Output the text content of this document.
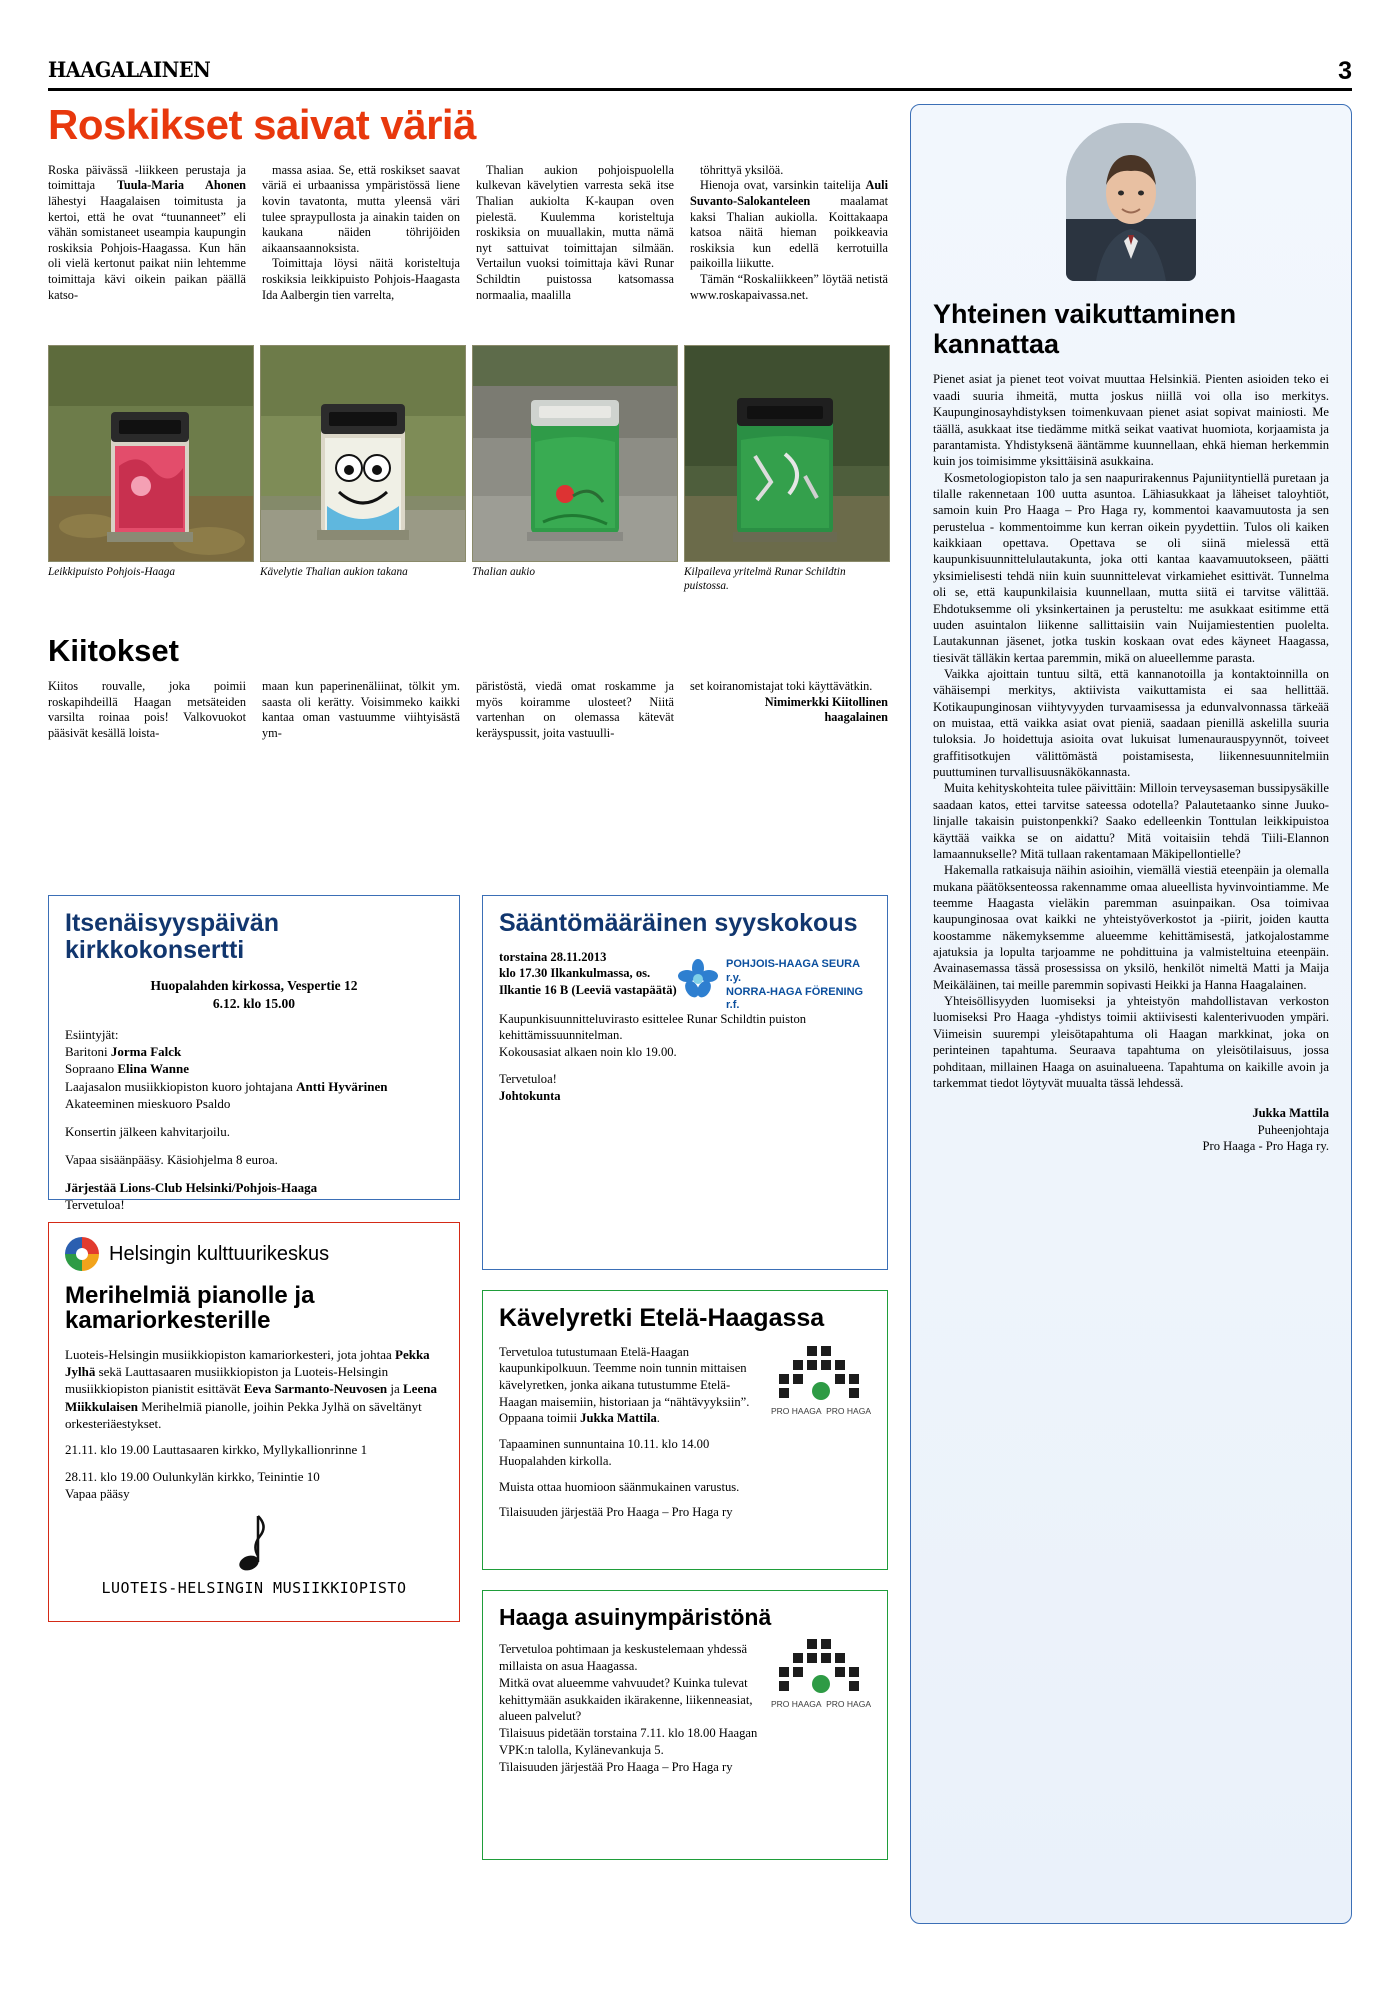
HAAGALAINEN	3
Roskikset saivat väriä

Roska päivässä -liikkeen perustaja ja toimittaja Tuula-Maria Ahonen lähestyi Haagalaisen toimitusta ja kertoi, että he ovat “tuunanneet” eli vähän somistaneet useampia kaupungin roskiksia Pohjois-Haagassa. Kun hän oli vielä kertonut paikat niin lehtemme toimittaja kävi oikein paikan päällä katso-

massa asiaa. Se, että roskikset saavat väriä ei urbaanissa ympäristössä liene kovin tavatonta, mutta yleensä väri tulee spraypullosta ja ainakin taiden on kaukana näiden töhrijöiden aikaansaannoksista.

Toimittaja löysi näitä koristeltuja roskiksia leikkipuisto Pohjois-Haagasta Ida Aalbergin tien varrelta,

Thalian aukion pohjoispuolella kulkevan kävelytien varresta sekä itse Thalian aukiolta K-kaupan oven pielestä. Kuulemma koristeltuja roskiksia on muuallakin, mutta nämä nyt sattuivat toimittajan silmään. Vertailun vuoksi toimittaja kävi Runar Schildtin puistossa katsomassa normaalia, maalilla

töhrittyä yksilöä.

Hienoja ovat, varsinkin taitelija Auli Suvanto-Salokanteleen maalamat kaksi Thalian aukiolla. Koittakaapa katsoa näitä hieman poikkeavia roskiksia kun edellä kerrotuilla paikoilla liikutte.

Tämän “Roskaliikkeen” löytää netistä www.roskapaivassa.net.

Leikkipuisto Pohjois-Haaga	Kävelytie Thalian aukion takana	Thalian aukio	Kilpaileva yritelmä Runar Schildtin puistossa.
Kiitokset

Kiitos rouvalle, joka poimii roskapihdeillä Haagan metsäteiden varsilta roinaa pois! Valkovuokot pääsivät kesällä loista-

maan kun paperinenäliinat, tölkit ym. saasta oli kerätty. Voisimmeko kaikki kantaa oman vastuumme viihtyisästä ym-

päristöstä, viedä omat roskamme ja myös koiramme ulosteet? Niitä vartenhan on olemassa kätevät keräyspussit, joita vastuulli-

set koiranomistajat toki käyttävätkin.

Nimimerkki Kiitollinen

haagalainen

Itsenäisyyspäivän kirkkokonsertti
Huopalahden kirkossa, Vespertie 12
6.12. klo 15.00
Esiintyjät:
Baritoni Jorma Falck
Sopraano Elina Wanne
Laajasalon musiikkiopiston kuoro johtajana Antti Hyvärinen
Akateeminen mieskuoro Psaldo
Konsertin jälkeen kahvitarjoilu.
Vapaa sisäänpääsy. Käsiohjelma 8 euroa.
Järjestää Lions-Club Helsinki/Pohjois-Haaga
Tervetuloa!
Helsingin kulttuurikeskus
Merihelmiä pianolle ja kamariorkesterille
Luoteis-Helsingin musiikkiopiston kamariorkesteri, jota johtaa Pekka Jylhä sekä Lauttasaaren musiikkiopiston ja Luoteis-Helsingin musiikkiopiston pianistit esittävät Eeva Sarmanto-Neuvosen ja Leena Miikkulaisen Merihelmiä pianolle, joihin Pekka Jylhä on säveltänyt orkesteriäestykset.
21.11. klo 19.00 Lauttasaaren kirkko, Myllykallionrinne 1
28.11. klo 19.00 Oulunkylän kirkko, Teinintie 10
Vapaa pääsy
LUOTEIS-HELSINGIN MUSIIKKIOPISTO
Sääntömääräinen syyskokous
torstaina 28.11.2013
klo 17.30 Ilkankulmassa, os. Ilkantie 16 B (Leeviä vastapäätä)
POHJOIS-HAAGA SEURA r.y.
NORRA-HAGA FÖRENING r.f.
Kaupunkisuunnitteluvirasto esittelee Runar Schildtin puiston kehittämissuunnitelman.
Kokousasiat alkaen noin klo 19.00.
Tervetuloa!
Johtokunta
Kävelyretki Etelä-Haagassa
Tervetuloa tutustumaan Etelä-Haagan kaupunkipolkuun. Teemme noin tunnin mittaisen kävelyretken, jonka aikana tutustumme Etelä-Haagan maisemiin, historiaan ja “nähtävyyksiin”. Oppaana toimii Jukka Mattila.
Tapaaminen sunnuntaina 10.11. klo 14.00 Huopalahden kirkolla.
Muista ottaa huomioon säänmukainen varustus.
Tilaisuuden järjestää Pro Haaga – Pro Haga ry
PRO HAAGA PRO HAGA
Haaga asuinympäristönä
Tervetuloa pohtimaan ja keskustelemaan yhdessä millaista on asua Haagassa.
Mitkä ovat alueemme vahvuudet? Kuinka tulevat kehittymään asukkaiden ikärakenne, liikenneasiat, alueen palvelut?
Tilaisuus pidetään torstaina 7.11. klo 18.00 Haagan VPK:n talolla, Kylänevankuja 5.
Tilaisuuden järjestää Pro Haaga – Pro Haga ry
PRO HAAGA PRO HAGA
Yhteinen vaikuttaminen kannattaa

Pienet asiat ja pienet teot voivat muuttaa Helsinkiä. Pienten asioiden teko ei vaadi suuria ihmeitä, mutta joskus niillä voi olla iso merkitys. Kaupunginosayhdistyksen toimenkuvaan pienet asiat sopivat mainiosti. Me täällä, asukkaat itse tiedämme mitkä seikat vaativat huomiota, korjaamista ja parantamista. Yhdistyksenä ääntämme kuunnellaan, ehkä hieman herkemmin kuin jos toimisimme yksittäisinä asukkaina.

Kosmetologiopiston talo ja sen naapurirakennus Pajuniityntiellä puretaan ja tilalle rakennetaan 100 uutta asuntoa. Lähiasukkaat ja läheiset taloyhtiöt, samoin kuin Pro Haaga – Pro Haga ry, kommentoi kaavamuutosta ja sen perustelua - kommentoimme kun kerran oikein pyydettiin. Tulos oli kaiken kaikkiaan opettava. Opettava se oli siinä mielessä että kaupunkisuunnittelulautakunta, joka otti kantaa kaavamuutokseen, päätti yksimielisesti tehdä niin kuin suunnittelevat virkamiehet esittivät. Tunnelma oli se, että kaupunkilaisia kuunnellaan, mutta siitä ei tarvitse välittää. Ehdotuksemme oli yksinkertainen ja perusteltu: me asukkaat esitimme että uuden asuintalon liikenne sallittaisiin vain Nuijamiestentien puolelta. Lautakunnan jäsenet, jotka tuskin koskaan ovat edes käyneet Haagassa, tiesivät tälläkin kertaa paremmin, mikä on alueellemme parasta.

Vaikka ajoittain tuntuu siltä, että kannanotoilla ja kontaktoinnilla on vähäisempi merkitys, aktiivista vaikuttamista ei saa hellittää. Kotikaupunginosan viihtyvyyden turvaamisessa ja edunvalvonnassa tärkeää on muistaa, että vaikka asiat ovat pieniä, saadaan pienillä askelilla suuria tuloksia. Jo hoidettuja asioita ovat lukuisat lumenaurauspyynnöt, toiveet graffitisotkujen välittömästä poistamisesta, liikennesuunnitelmiin puuttuminen turvallisuusnäkökannasta.

Muita kehityskohteita tulee päivittäin: Milloin terveysaseman bussipysäkille saadaan katos, ettei tarvitse sateessa odotella? Palautetaanko sinne Juuko-linjalle takaisin puistonpenkki? Saako edelleenkin Tonttulan leikkipuistoa käyttää vaikka se on aidattu? Mitä voitaisiin tehdä Tiili-Elannon lamaannukselle? Mitä tullaan rakentamaan Mäkipellontielle?

Hakemalla ratkaisuja näihin asioihin, viemällä viestiä eteenpäin ja olemalla mukana päätöksenteossa rakennamme omaa alueellista hyvinvointiamme. Me teemme Haagasta vieläkin paremman asuinpaikan. Osa toimivaa kaupunginosaa ovat kaikki ne yhteistyöverkostot ja -piirit, joiden kautta koostamme näkemyksemme alueemme kehittämisestä, jatkojalostamme ajatuksia ja lopulta tarjoamme ne pohdittuina ja valmisteltuina eteenpäin. Avainasemassa tässä prosessissa on yksilö, henkilöt nimeltä Matti ja Maija Meikäläinen, tai meille paremmin sopivasti Heikki ja Hanna Haagalainen.

Yhteisöllisyyden luomiseksi ja yhteistyön mahdollistavan verkoston luomiseksi Pro Haaga -yhdistys toimii aktiivisesti kalenterivuoden ympäri. Viimeisin suurempi yleisötapahtuma oli Haagan markkinat, joka on perinteinen tapahtuma. Seuraava tapahtuma on yleisötilaisuus, jossa pohditaan, millainen Haaga on asuinalueena. Tapahtuma on kaikille avoin ja tarkemmat tiedot löytyvät muualta tässä lehdessä.

Jukka Mattila
Puheenjohtaja
Pro Haaga - Pro Haga ry.
